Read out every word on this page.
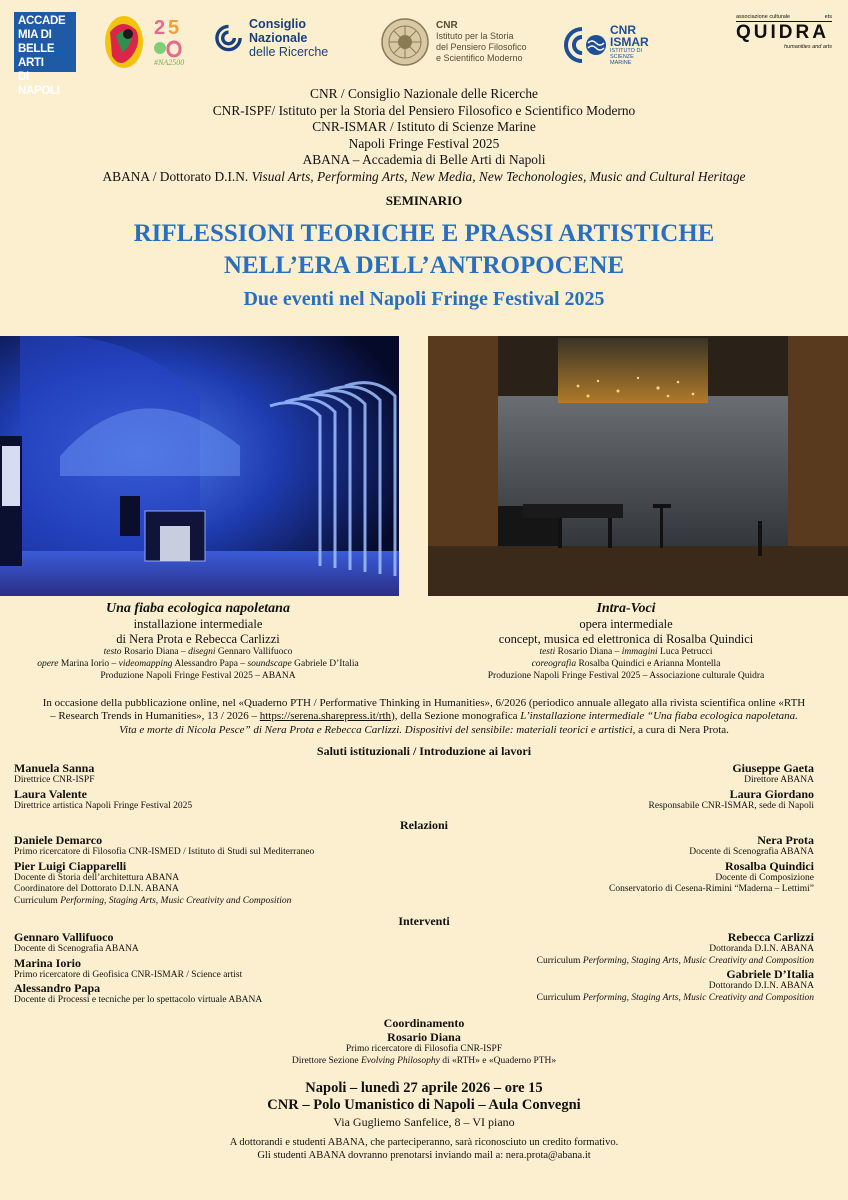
ACCADE
MIA DI
BELLE ARTI
DI NAPOLI
2 5
#NA2500
Consiglio Nazionale
delle Ricerche
CNR
Istituto per la Storia
del Pensiero Filosofico
e Scientifico Moderno
CNR
ISMAR
ISTITUTO DI SCIENZE MARINE
associazione culturale	ets
QUIDRA
humanities and arts
CNR / Consiglio Nazionale delle Ricerche
CNR-ISPF/ Istituto per la Storia del Pensiero Filosofico e Scientifico Moderno
CNR-ISMAR / Istituto di Scienze Marine
Napoli Fringe Festival 2025
ABANA – Accademia di Belle Arti di Napoli
ABANA / Dottorato D.I.N. Visual Arts, Performing Arts, New Media, New Techonologies, Music and Cultural Heritage
SEMINARIO
RIFLESSIONI TEORICHE E PRASSI ARTISTICHE
NELL’ERA DELL’ANTROPOCENE
Due eventi nel Napoli Fringe Festival 2025
Una fiaba ecologica napoletana
installazione intermediale
di Nera Prota e Rebecca Carlizzi
testo Rosario Diana – disegni Gennaro Vallifuoco
opere Marina Iorio – videomapping Alessandro Papa – soundscape Gabriele D’Italia
Produzione Napoli Fringe Festival 2025 – ABANA
Intra-Voci
opera intermediale
concept, musica ed elettronica di Rosalba Quindici
testi Rosario Diana – immagini Luca Petrucci
coreografia Rosalba Quindici e Arianna Montella
Produzione Napoli Fringe Festival 2025 – Associazione culturale Quidra
In occasione della pubblicazione online, nel «Quaderno PTH / Performative Thinking in Humanities», 6/2026 (periodico annuale allegato alla rivista scientifica online «RTH – Research Trends in Humanities», 13 / 2026 – https://serena.sharepress.it/rth), della Sezione monografica L’installazione intermediale “Una fiaba ecologica napoletana. Vita e morte di Nicola Pesce” di Nera Prota e Rebecca Carlizzi. Dispositivi del sensibile: materiali teorici e artistici, a cura di Nera Prota.
Saluti istituzionali / Introduzione ai lavori
Manuela Sanna
Direttrice CNR-ISPF
Laura Valente
Direttrice artistica Napoli Fringe Festival 2025
Giuseppe Gaeta
Direttore ABANA
Laura Giordano
Responsabile CNR-ISMAR, sede di Napoli
Relazioni
Daniele Demarco
Primo ricercatore di Filosofia CNR-ISMED / Istituto di Studi sul Mediterraneo
Pier Luigi Ciapparelli
Docente di Storia dell’architettura ABANA
Coordinatore del Dottorato D.I.N. ABANA
Curriculum Performing, Staging Arts, Music Creativity and Composition
Nera Prota
Docente di Scenografia ABANA
Rosalba Quindici
Docente di Composizione
Conservatorio di Cesena-Rimini “Maderna – Lettimi”
Interventi
Gennaro Vallifuoco
Docente di Scenografia ABANA
Marina Iorio
Primo ricercatore di Geofisica CNR-ISMAR / Science artist
Alessandro Papa
Docente di Processi e tecniche per lo spettacolo virtuale ABANA
Rebecca Carlizzi
Dottoranda D.I.N. ABANA
Curriculum Performing, Staging Arts, Music Creativity and Composition
Gabriele D’Italia
Dottorando D.I.N. ABANA
Curriculum Performing, Staging Arts, Music Creativity and Composition
Coordinamento
Rosario Diana
Primo ricercatore di Filosofia CNR-ISPF
Direttore Sezione Evolving Philosophy di «RTH» e «Quaderno PTH»
Napoli – lunedì 27 aprile 2026 – ore 15
CNR – Polo Umanistico di Napoli – Aula Convegni
Via Gugliemo Sanfelice, 8 – VI piano
A dottorandi e studenti ABANA, che parteciperanno, sarà riconosciuto un credito formativo.
Gli studenti ABANA dovranno prenotarsi inviando mail a: nera.prota@abana.it
